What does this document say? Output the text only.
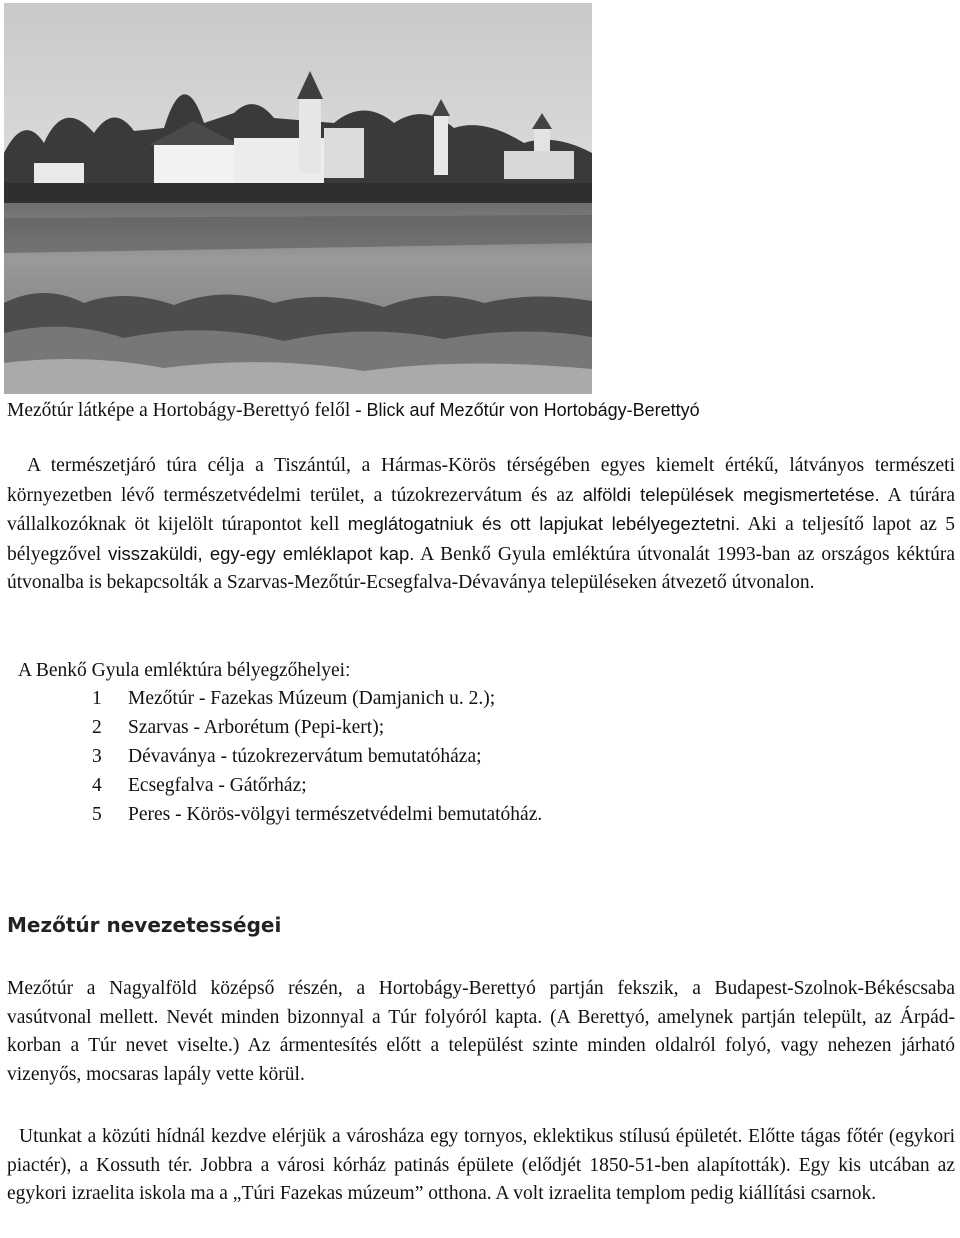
Mezőtúr látképe a Hortobágy-Berettyó felől - Blick auf Mezőtúr von Hortobágy-Berettyó

A természetjáró túra célja a Tiszántúl, a Hármas-Körös térségében egyes kiemelt értékű, látványos természeti környezetben lévő természetvédelmi terület, a túzokrezervátum és az alföldi települések megismertetése. A túrára vállalkozóknak öt kijelölt túrapontot kell meglátogatniuk és ott lapjukat lebélyegeztetni. Aki a teljesítő lapot az 5 bélyegzővel visszaküldi, egy-egy emléklapot kap. A Benkő Gyula emléktúra útvonalát 1993-ban az országos kéktúra útvonalba is bekapcsolták a Szarvas-Mezőtúr-Ecsegfalva-Dévaványa településeken átvezető útvonalon.

A Benkő Gyula emléktúra bélyegzőhelyei:
1	Mezőtúr - Fazekas Múzeum (Damjanich u. 2.);
2	Szarvas - Arborétum (Pepi-kert);
3	Dévaványa - túzokrezervátum bemutatóháza;
4	Ecsegfalva - Gátőrház;
5	Peres - Körös-völgyi természetvédelmi bemutatóház.
Mezőtúr nevezetességei

Mezőtúr a Nagyalföld középső részén, a Hortobágy-Berettyó partján fekszik, a Budapest-Szolnok-Békéscsaba vasútvonal mellett. Nevét minden bizonnyal a Túr folyóról kapta. (A Berettyó, amelynek partján települt, az Árpád-korban a Túr nevet viselte.) Az ármentesítés előtt a települést szinte minden oldalról folyó, vagy nehezen járható vizenyős, mocsaras lapály vette körül.

Utunkat a közúti hídnál kezdve elérjük a városháza egy tornyos, eklektikus stílusú épületét. Előtte tágas főtér (egykori piactér), a Kossuth tér. Jobbra a városi kórház patinás épülete (elődjét 1850-51-ben alapították). Egy kis utcában az egykori izraelita iskola ma a „Túri Fazekas múzeum” otthona. A volt izraelita templom pedig kiállítási csarnok.
